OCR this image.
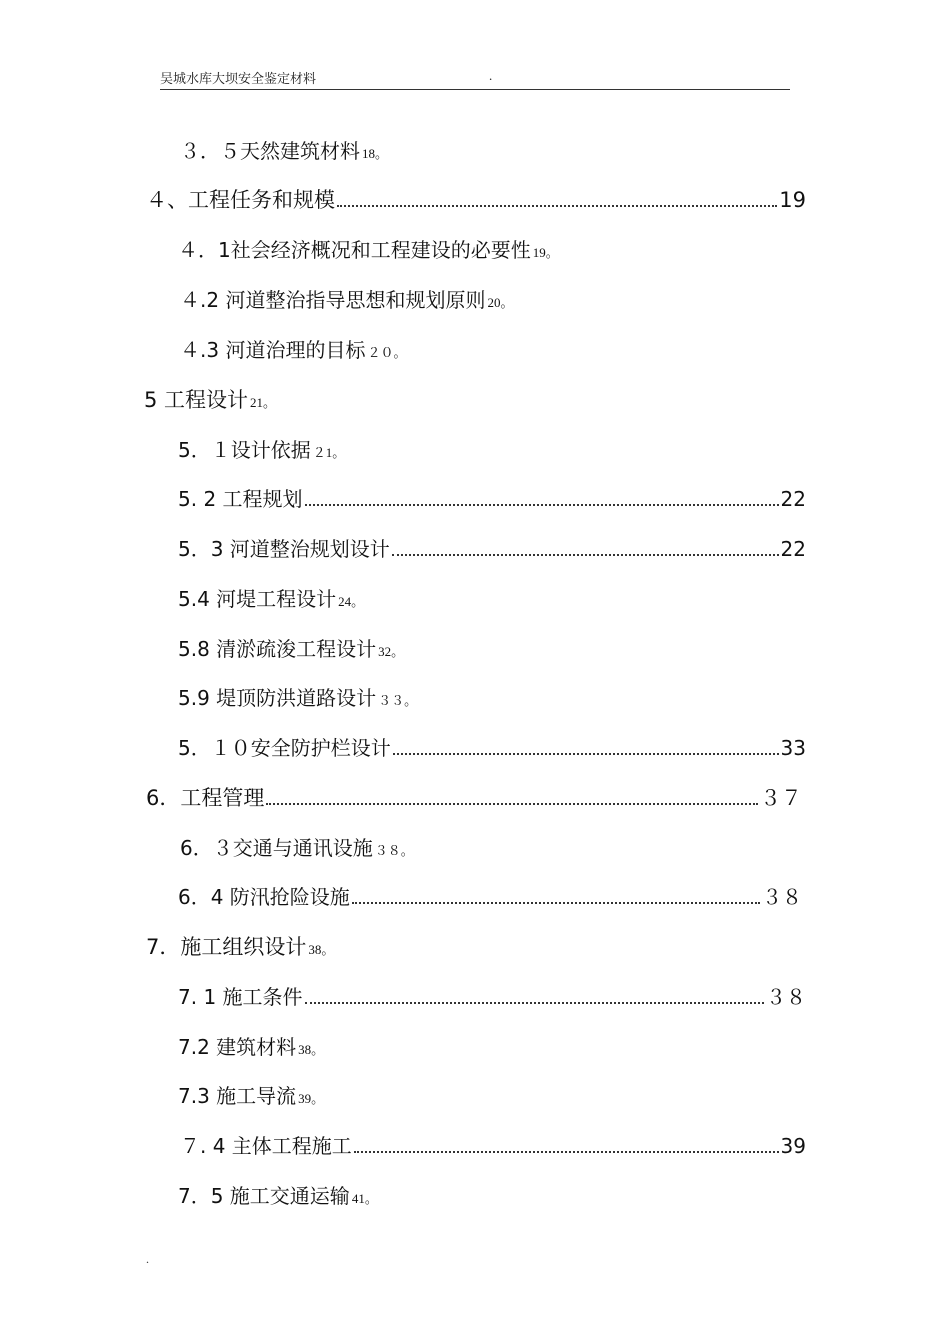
吴城水库大坝安全鉴定材料	.
３．５天然建筑材料 18。
４、工程任务和规模	19
４．1社会经济概况和工程建设的必要性 19。
４.2 河道整治指导思想和规划原则 20。
４.3 河道治理的目标 ２０。
5 工程设计 21。
5．１设计依据 ２1。
5. 2 工程规划	22
5．3 河道整治规划设计	22
5.4 河堤工程设计 24。
5.8 清淤疏浚工程设计 32。
5.9 堤顶防洪道路设计 ３３。
5．１０安全防护栏设计	33
6．工程管理	３７
6．３交通与通讯设施 ３８。
6．4 防汛抢险设施	３８
7．施工组织设计 38。
7. 1 施工条件	３８
7.2 建筑材料 38。
7.3 施工导流 39。
７. 4 主体工程施工	39
7．5 施工交通运输 41。
.
